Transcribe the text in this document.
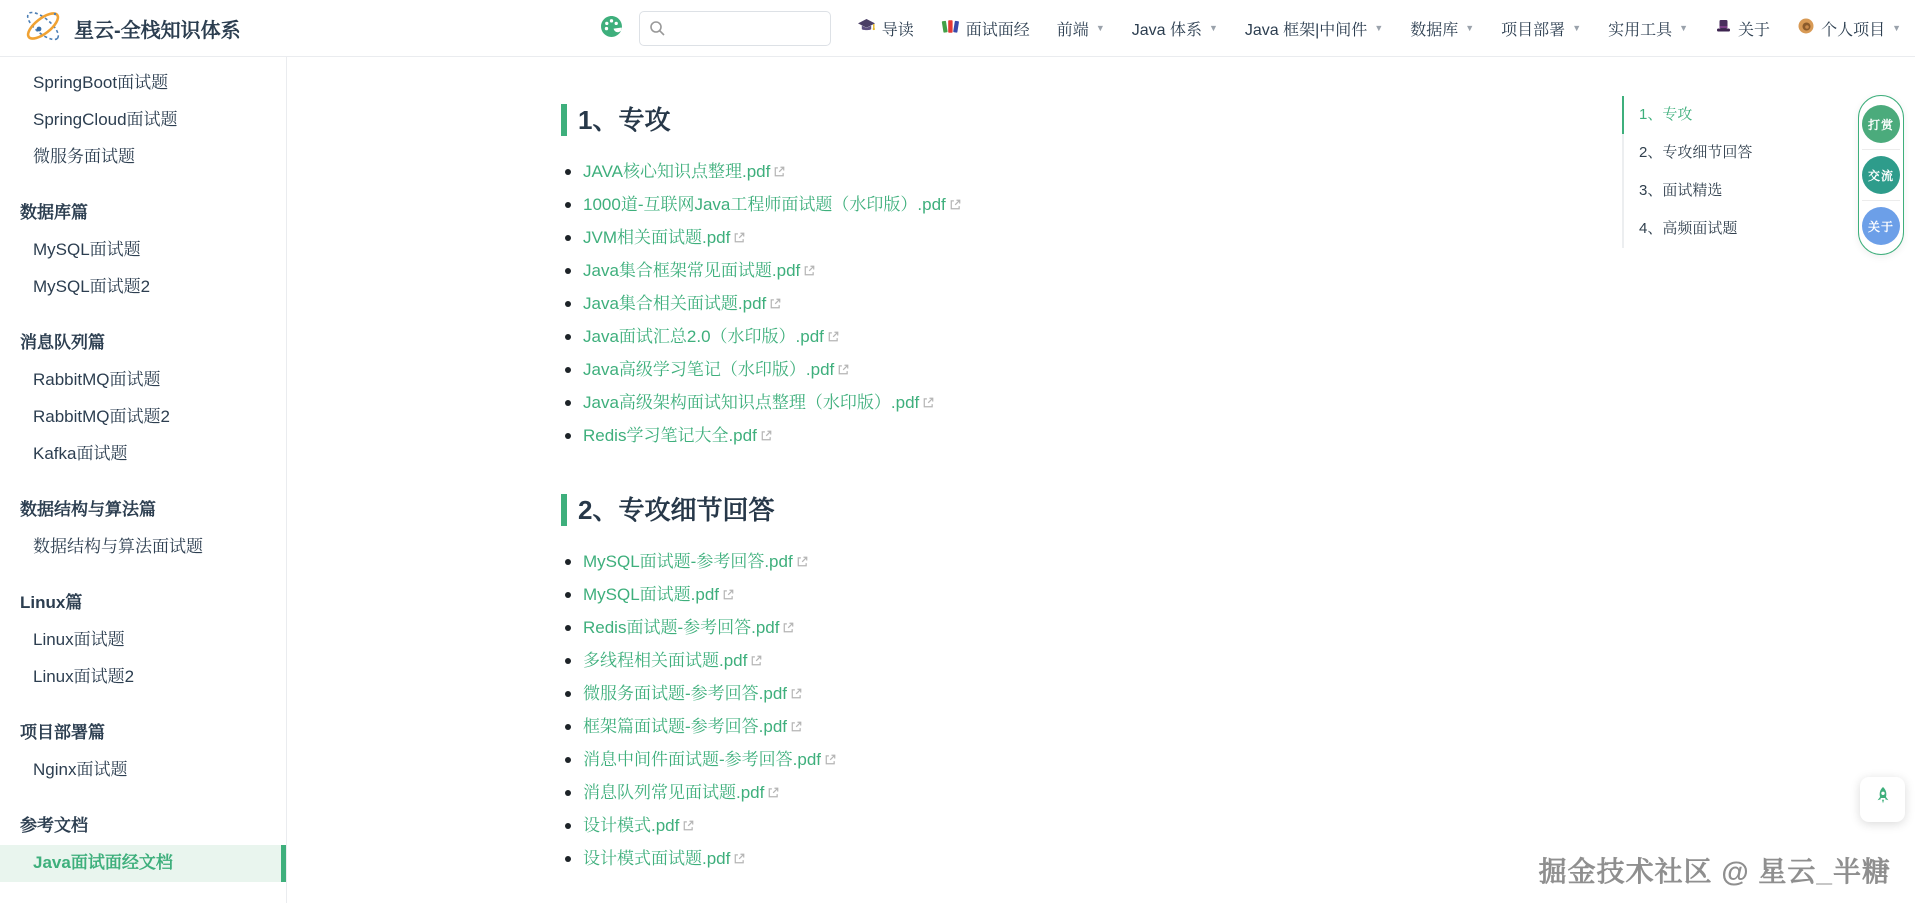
星云-全栈知识体系	导读	面试面经 前端 ▼ Java 体系 ▼ Java 框架|中间件 ▼ 数据库 ▼ 项目部署 ▼ 实用工具 ▼	关于	个人项目 ▼
SpringBoot面试题
SpringCloud面试题
微服务面试题
数据库篇
MySQL面试题
MySQL面试题2
消息队列篇
RabbitMQ面试题
RabbitMQ面试题2
Kafka面试题
数据结构与算法篇
数据结构与算法面试题
Linux篇
Linux面试题
Linux面试题2
项目部署篇
Nginx面试题
参考文档
Java面试面经文档
1、专攻
JAVA核心知识点整理.pdf
1000道-互联网Java工程师面试题（水印版）.pdf
JVM相关面试题.pdf
Java集合框架常见面试题.pdf
Java集合相关面试题.pdf
Java面试汇总2.0（水印版）.pdf
Java高级学习笔记（水印版）.pdf
Java高级架构面试知识点整理（水印版）.pdf
Redis学习笔记大全.pdf
2、专攻细节回答
MySQL面试题-参考回答.pdf
MySQL面试题.pdf
Redis面试题-参考回答.pdf
多线程相关面试题.pdf
微服务面试题-参考回答.pdf
框架篇面试题-参考回答.pdf
消息中间件面试题-参考回答.pdf
消息队列常见面试题.pdf
设计模式.pdf
设计模式面试题.pdf
1、专攻
2、专攻细节回答
3、面试精选
4、高频面试题
打赏
交流
关于
掘金技术社区 @ 星云_半糖
